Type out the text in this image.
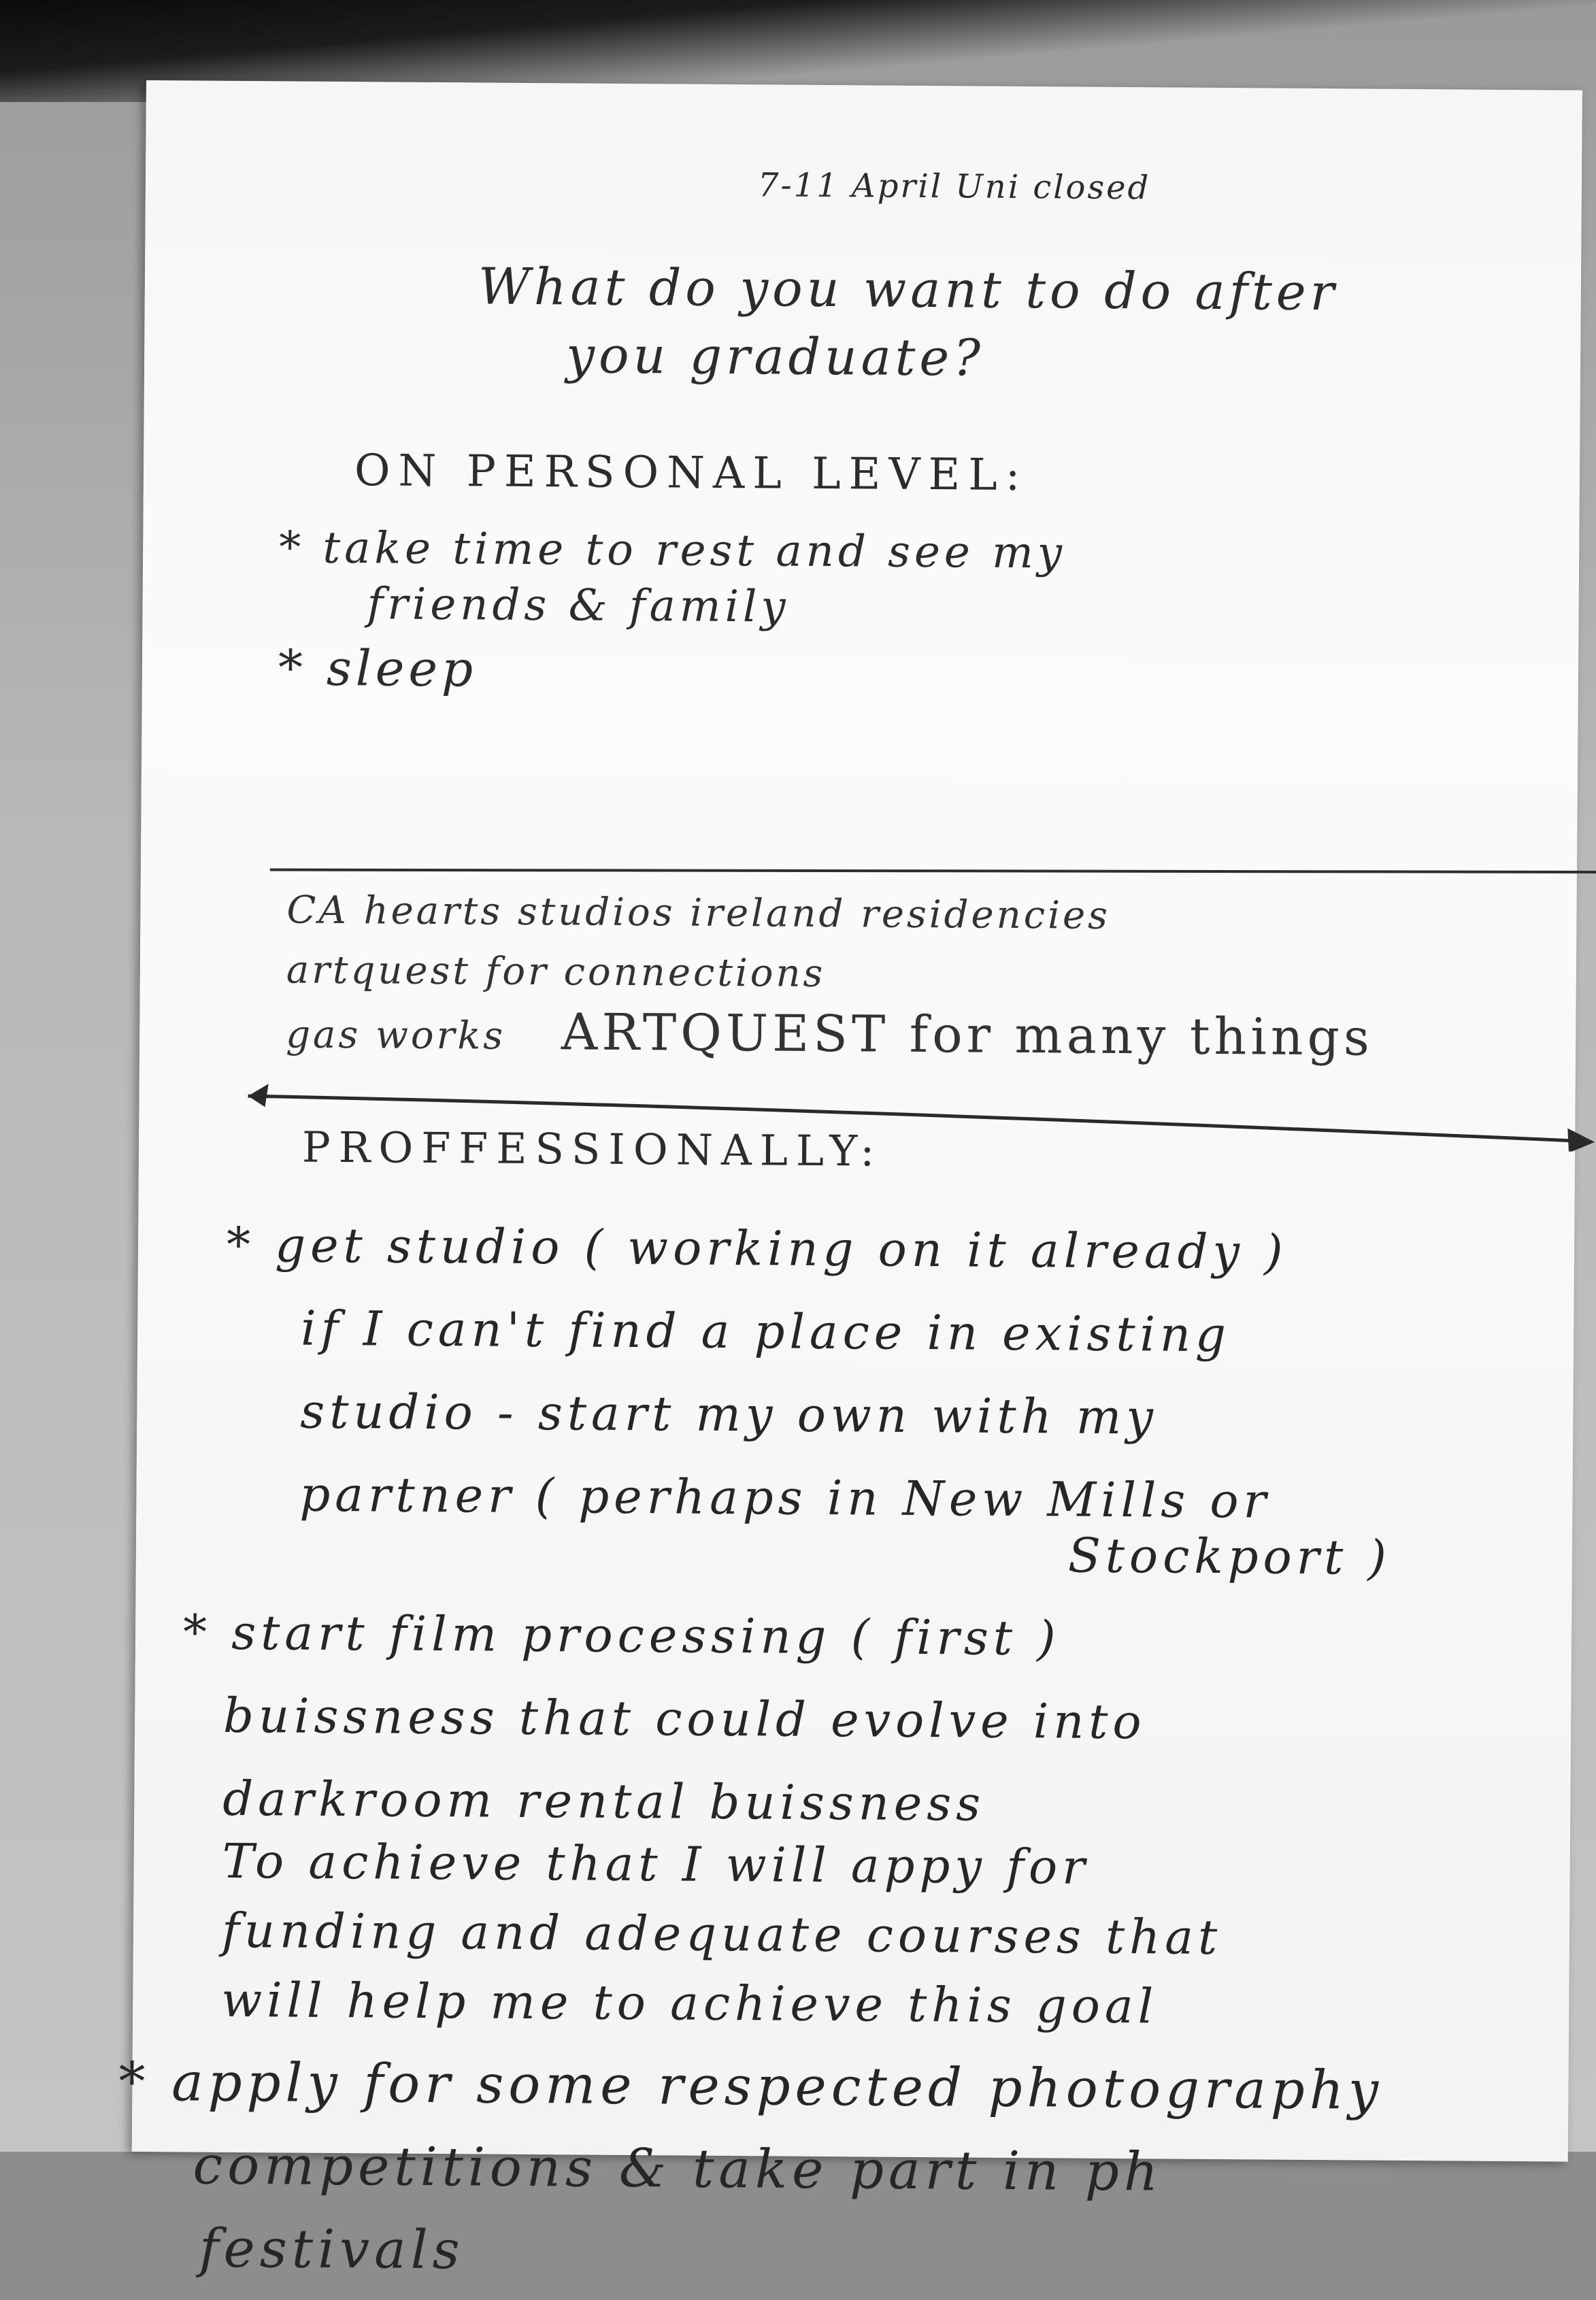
7-11 April Uni closed
What do you want to do after
you graduate?
ON PERSONAL LEVEL:
* take time to rest and see my
friends & family
* sleep
CA hearts studios ireland residencies
artquest for connections
gas works ARTQUEST for many things
PROFFESSIONALLY:
* get studio ( working on it already )
if I can't find a place in existing
studio - start my own with my
partner ( perhaps in New Mills or
Stockport )
* start film processing ( first )
buissness that could evolve into
darkroom rental buissness
To achieve that I will appy for
funding and adequate courses that
will help me to achieve this goal
* apply for some respected photography
competitions & take part in ph
festivals
